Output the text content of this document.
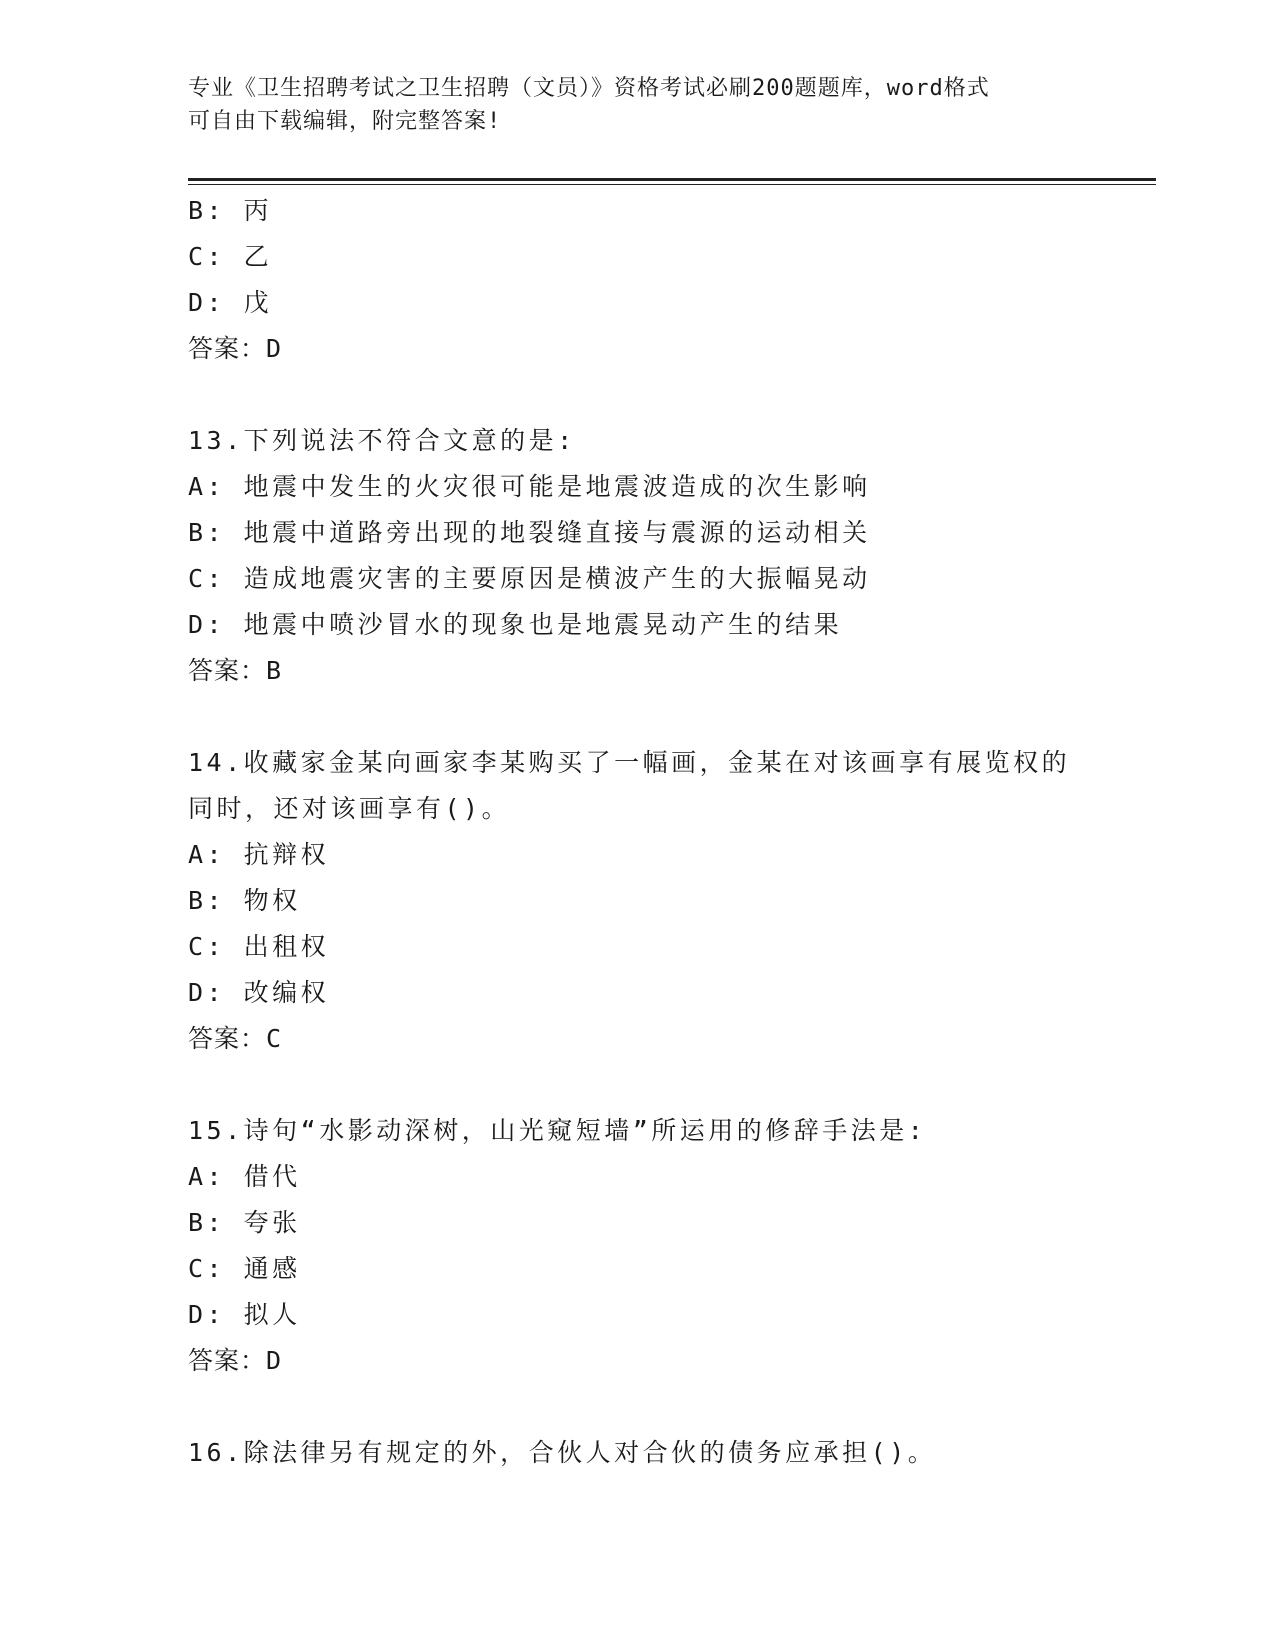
专业《卫生招聘考试之卫生招聘（文员）》资格考试必刷200题题库，word格式
可自由下载编辑，附完整答案!
B: 丙
C: 乙
D: 戊
答案：D
13.下列说法不符合文意的是:
A: 地震中发生的火灾很可能是地震波造成的次生影响
B: 地震中道路旁出现的地裂缝直接与震源的运动相关
C: 造成地震灾害的主要原因是横波产生的大振幅晃动
D: 地震中喷沙冒水的现象也是地震晃动产生的结果
答案：B
14.收藏家金某向画家李某购买了一幅画，金某在对该画享有展览权的
同时，还对该画享有()。
A: 抗辩权
B: 物权
C: 出租权
D: 改编权
答案：C
15.诗句“水影动深树，山光窥短墙”所运用的修辞手法是:
A: 借代
B: 夸张
C: 通感
D: 拟人
答案：D
16.除法律另有规定的外，合伙人对合伙的债务应承担()。
